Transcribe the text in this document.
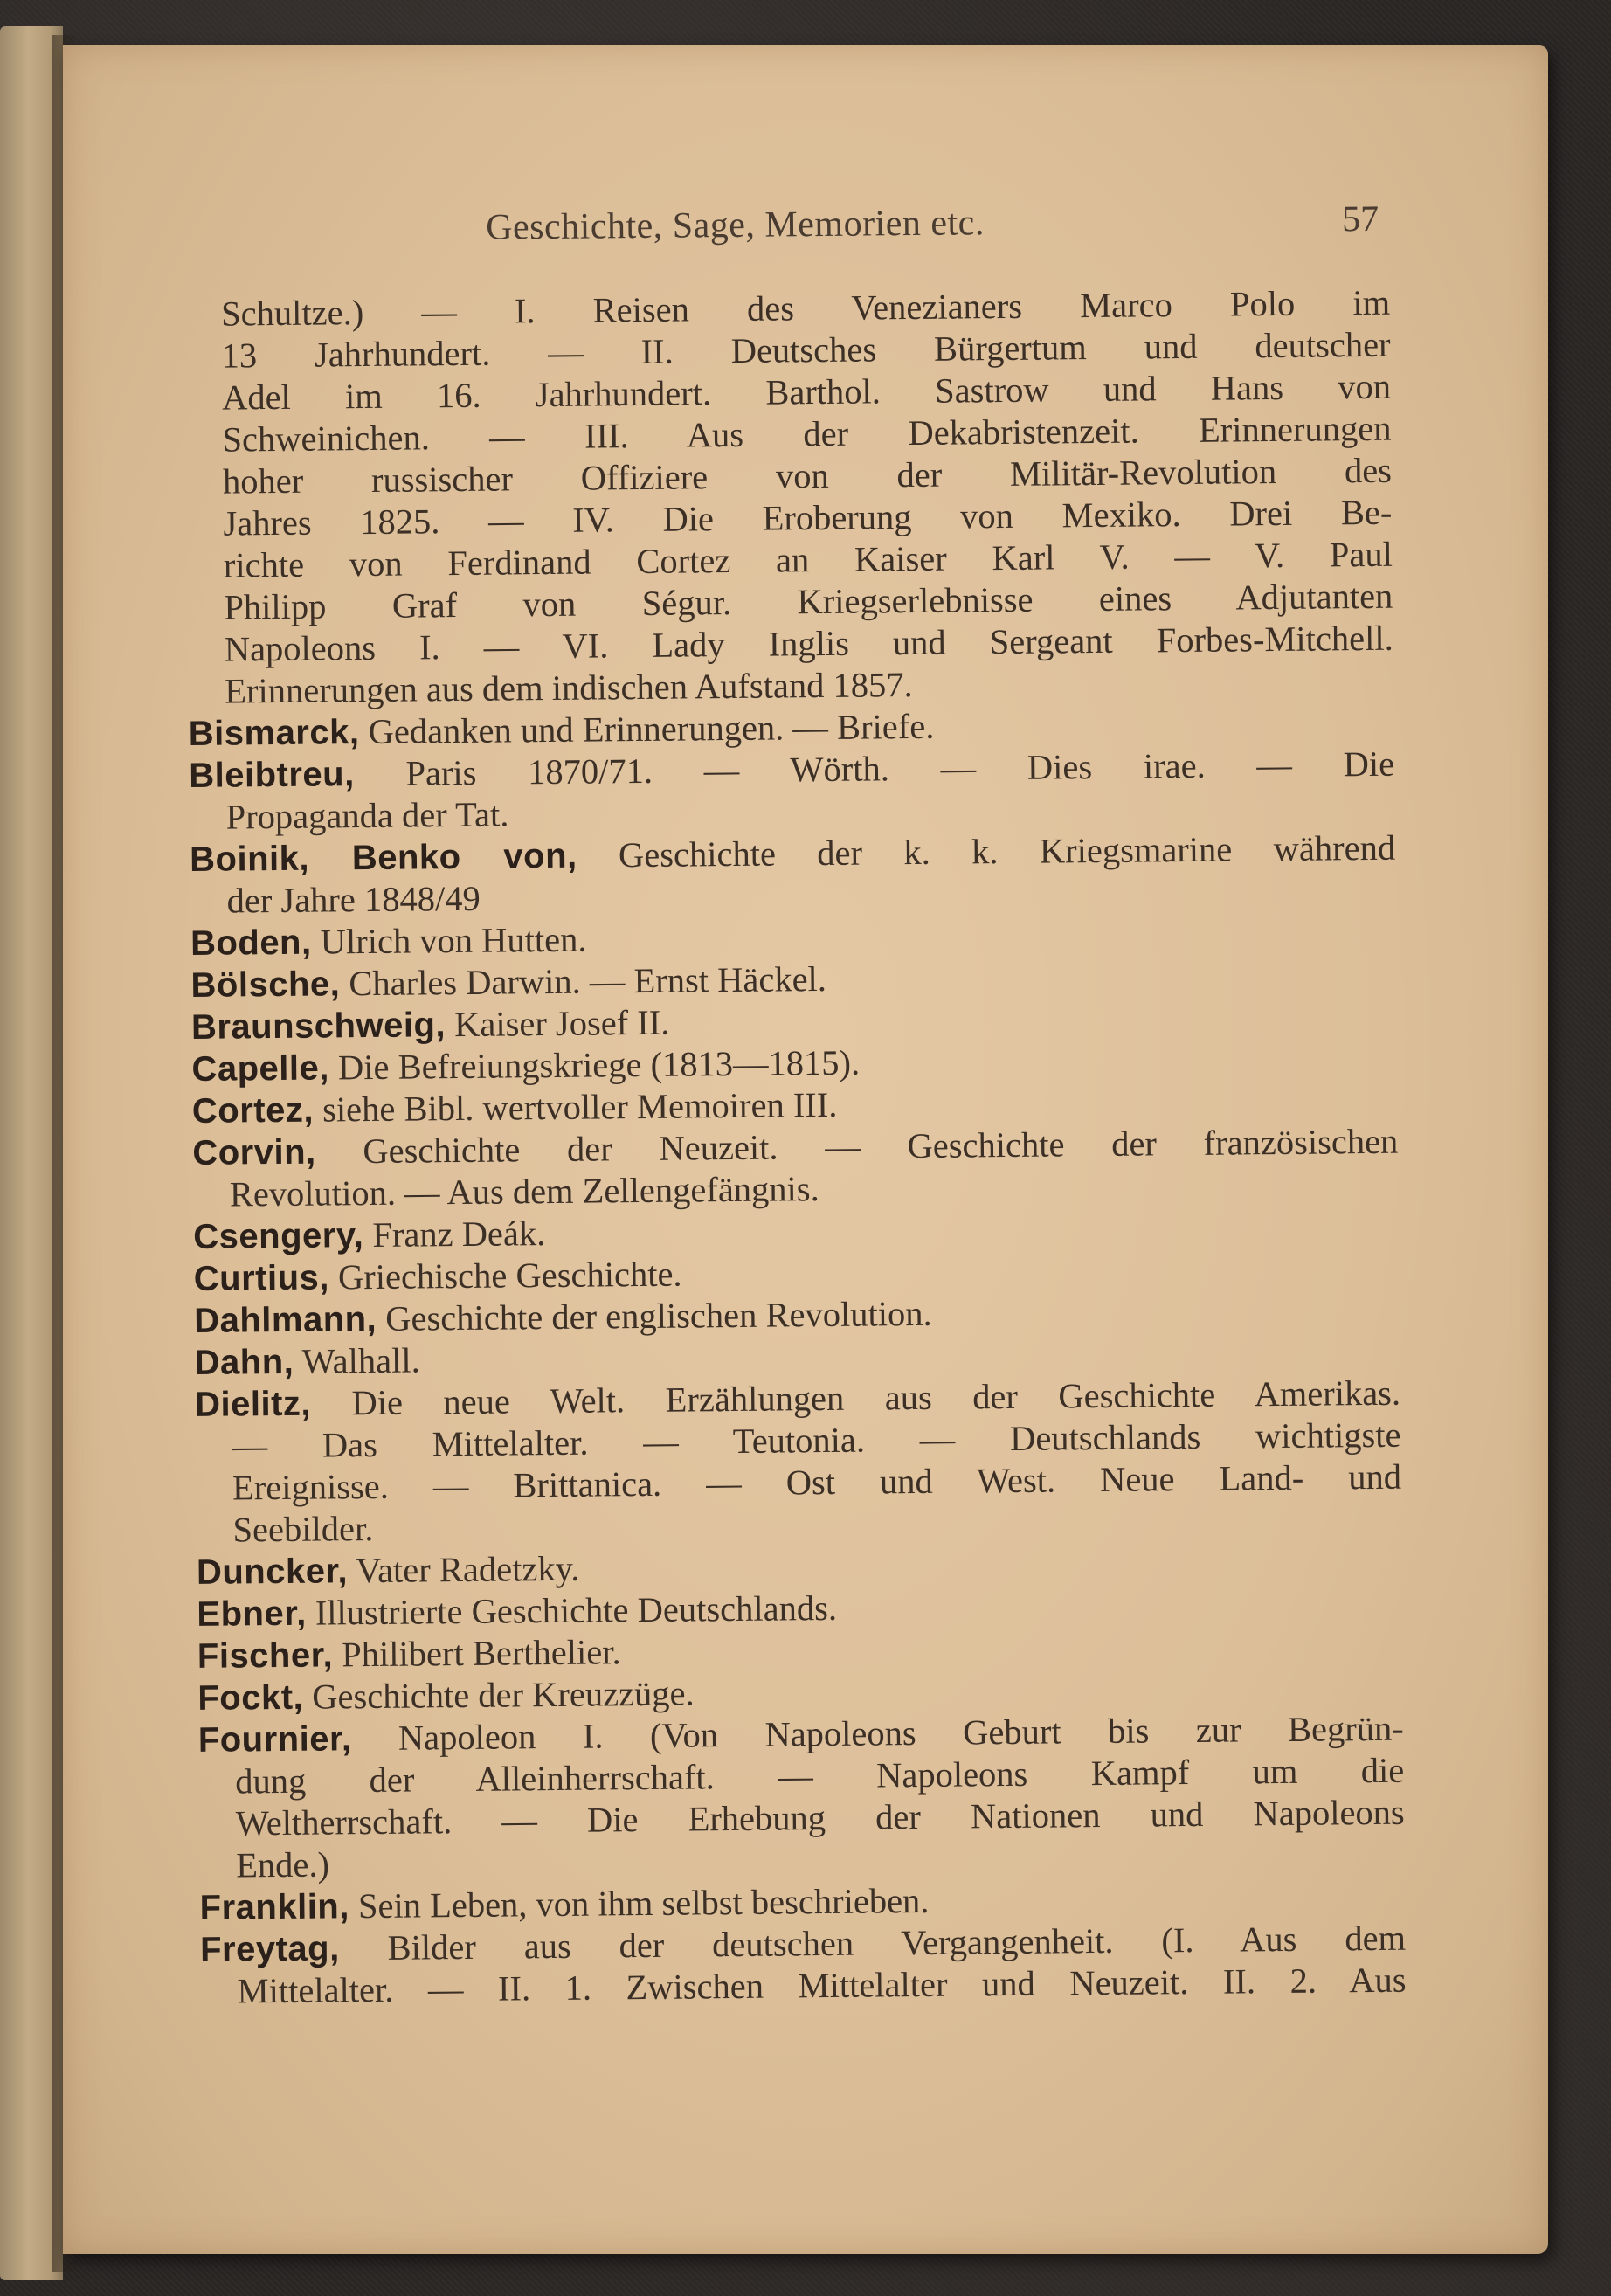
Geschichte, Sage, Memorien etc.	57
Schultze.) — I. Reisen des Venezianers Marco Polo im
13 Jahrhundert. — II. Deutsches Bürgertum und deutscher
Adel im 16. Jahrhundert. Barthol. Sastrow und Hans von
Schweinichen. — III. Aus der Dekabristenzeit. Erinnerungen
hoher russischer Offiziere von der Militär-Revolution des
Jahres 1825. — IV. Die Eroberung von Mexiko. Drei Be-
richte von Ferdinand Cortez an Kaiser Karl V. — V. Paul
Philipp Graf von Ségur. Kriegserlebnisse eines Adjutanten
Napoleons I. — VI. Lady Inglis und Sergeant Forbes-Mitchell.
Erinnerungen aus dem indischen Aufstand 1857.
Bismarck, Gedanken und Erinnerungen. — Briefe.
Bleibtreu, Paris 1870/71. — Wörth. — Dies irae. — Die
Propaganda der Tat.
Boinik, Benko von, Geschichte der k. k. Kriegsmarine während
der Jahre 1848/49
Boden, Ulrich von Hutten.
Bölsche, Charles Darwin. — Ernst Häckel.
Braunschweig, Kaiser Josef II.
Capelle, Die Befreiungskriege (1813—1815).
Cortez, siehe Bibl. wertvoller Memoiren III.
Corvin, Geschichte der Neuzeit. — Geschichte der französischen
Revolution. — Aus dem Zellengefängnis.
Csengery, Franz Deák.
Curtius, Griechische Geschichte.
Dahlmann, Geschichte der englischen Revolution.
Dahn, Walhall.
Dielitz, Die neue Welt. Erzählungen aus der Geschichte Amerikas.
— Das Mittelalter. — Teutonia. — Deutschlands wichtigste
Ereignisse. — Brittanica. — Ost und West. Neue Land- und
Seebilder.
Duncker, Vater Radetzky.
Ebner, Illustrierte Geschichte Deutschlands.
Fischer, Philibert Berthelier.
Fockt, Geschichte der Kreuzzüge.
Fournier, Napoleon I. (Von Napoleons Geburt bis zur Begrün-
dung der Alleinherrschaft. — Napoleons Kampf um die
Weltherrschaft. — Die Erhebung der Nationen und Napoleons
Ende.)
Franklin, Sein Leben, von ihm selbst beschrieben.
Freytag, Bilder aus der deutschen Vergangenheit. (I. Aus dem
Mittelalter. — II. 1. Zwischen Mittelalter und Neuzeit. II. 2. Aus
